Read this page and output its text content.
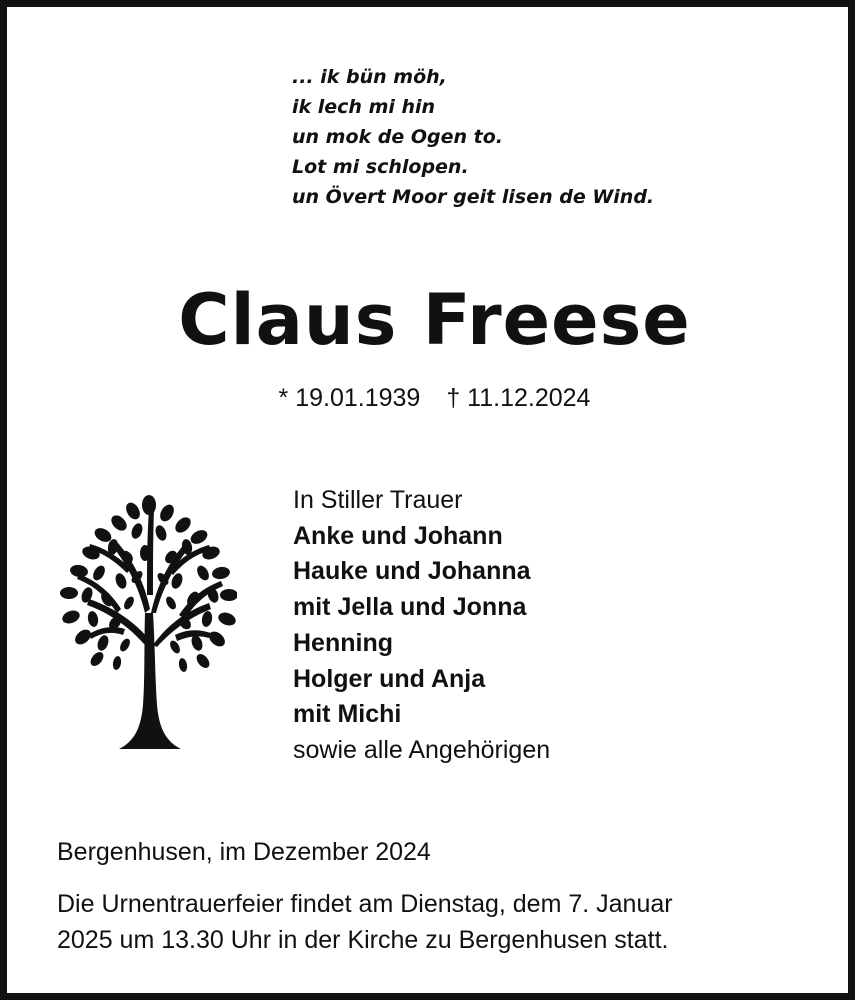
... ik bün möh,
ik lech mi hin
un mok de Ogen to.
Lot mi schlopen.
un Övert Moor geit lisen de Wind.
Claus Freese
* 19.01.1939 † 11.12.2024
In Stiller Trauer
Anke und Johann
Hauke und Johanna
mit Jella und Jonna
Henning
Holger und Anja
mit Michi
sowie alle Angehörigen
Bergenhusen, im Dezember 2024
Die Urnentrauerfeier findet am Dienstag, dem 7. Januar
2025 um 13.30 Uhr in der Kirche zu Bergenhusen statt.
